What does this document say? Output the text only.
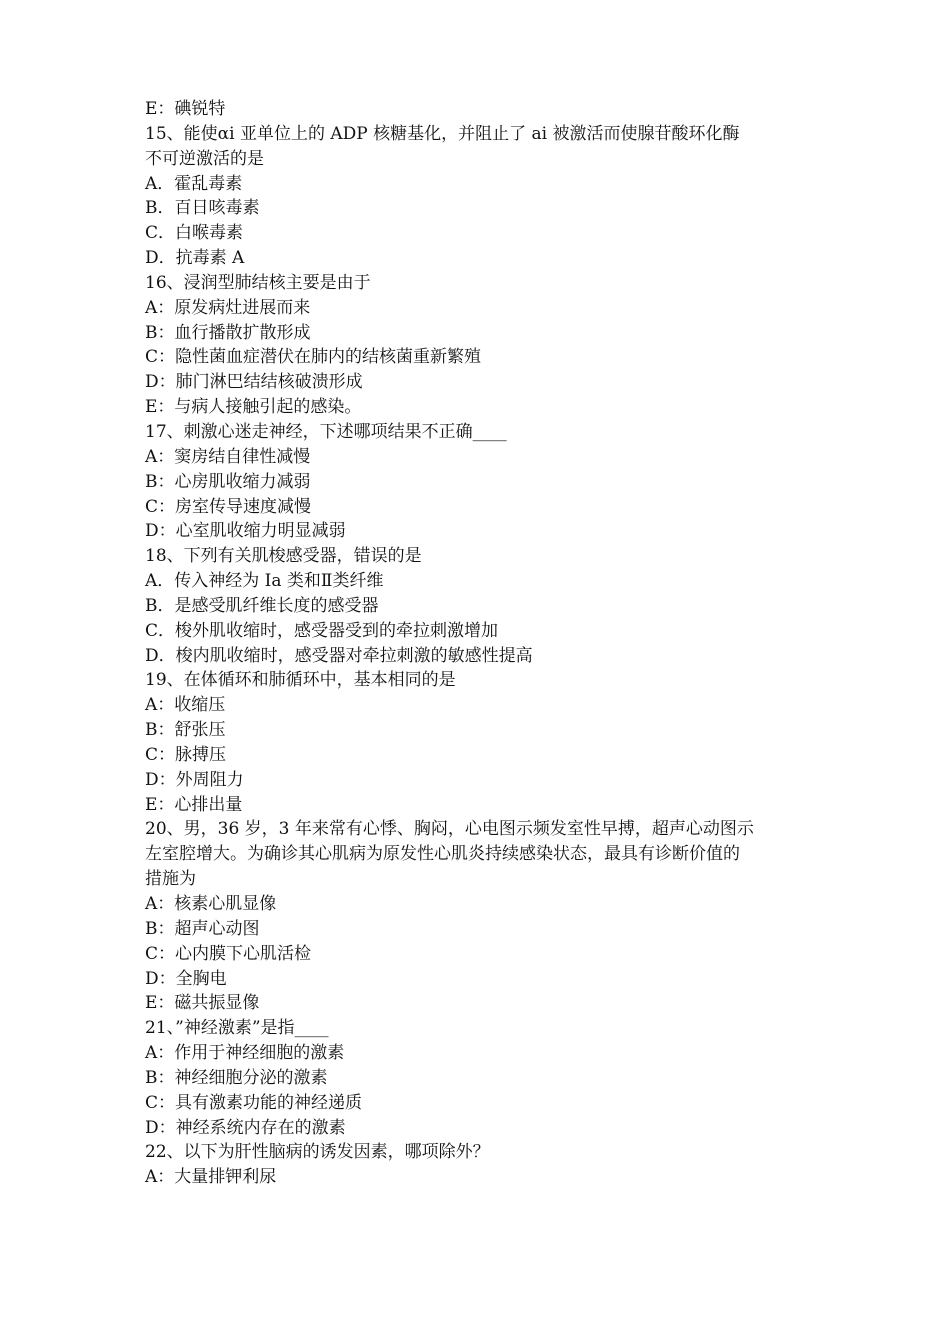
E：碘锐特
15、能使αi 亚单位上的 ADP 核糖基化，并阻止了 ai 被激活而使腺苷酸环化酶
不可逆激活的是
A．霍乱毒素
B．百日咳毒素
C．白喉毒素
D．抗毒素 A
16、浸润型肺结核主要是由于
A：原发病灶进展而来
B：血行播散扩散形成
C：隐性菌血症潜伏在肺内的结核菌重新繁殖
D：肺门淋巴结结核破溃形成
E：与病人接触引起的感染。
17、刺激心迷走神经，下述哪项结果不正确____
A：窦房结自律性减慢
B：心房肌收缩力减弱
C：房室传导速度减慢
D：心室肌收缩力明显减弱
18、下列有关肌梭感受器，错误的是
A．传入神经为 Ia 类和Ⅱ类纤维
B．是感受肌纤维长度的感受器
C．梭外肌收缩时，感受器受到的牵拉刺激增加
D．梭内肌收缩时，感受器对牵拉刺激的敏感性提高
19、在体循环和肺循环中，基本相同的是
A：收缩压
B：舒张压
C：脉搏压
D：外周阻力
E：心排出量
20、男，36 岁，3 年来常有心悸、胸闷，心电图示频发室性早搏，超声心动图示
左室腔增大。为确诊其心肌病为原发性心肌炎持续感染状态，最具有诊断价值的
措施为
A：核素心肌显像
B：超声心动图
C：心内膜下心肌活检
D：全胸电
E：磁共振显像
21、”神经激素”是指____
A：作用于神经细胞的激素
B：神经细胞分泌的激素
C：具有激素功能的神经递质
D：神经系统内存在的激素
22、以下为肝性脑病的诱发因素，哪项除外？
A：大量排钾利尿
